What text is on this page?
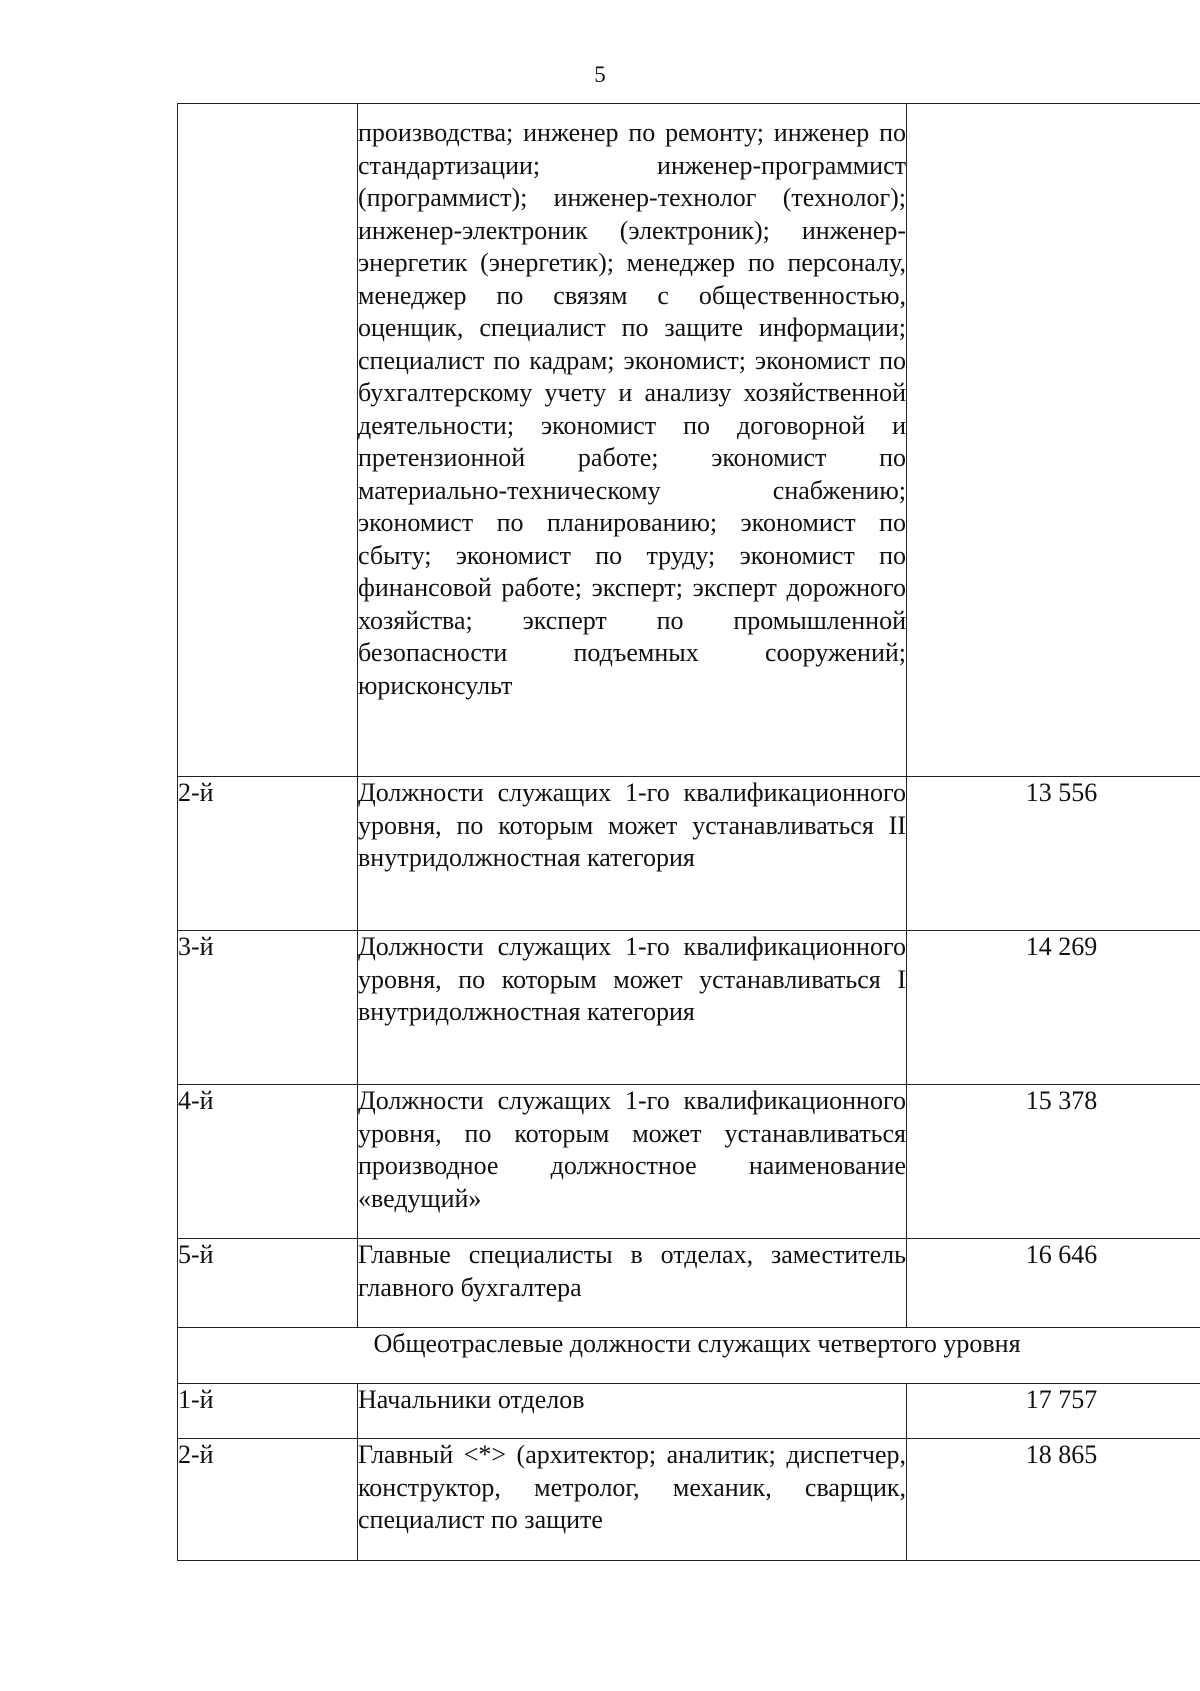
5
	производства; инженер по ремонту; инженер по стандартизации; инженер-программист (программист); инженер-технолог (технолог); инженер-электроник (электроник); инженер-энергетик (энергетик); менеджер по персоналу, менеджер по связям с общественностью, оценщик, специалист по защите информации; специалист по кадрам; экономист; экономист по бухгалтерскому учету и анализу хозяйственной деятельности; экономист по договорной и претензионной работе; экономист по материально-техническому снабжению; экономист по планированию; экономист по сбыту; экономист по труду; экономист по финансовой работе; эксперт; эксперт дорожного хозяйства; эксперт по промышленной безопасности подъемных сооружений; юрисконсульт	
2-й	Должности служащих 1-го квалификационного уровня, по которым может устанавливаться II внутридолжностная категория	13 556
3-й	Должности служащих 1-го квалификационного уровня, по которым может устанавливаться I внутридолжностная категория	14 269
4-й	Должности служащих 1-го квалификационного уровня, по которым может устанавливаться производное должностное наименование «ведущий»	15 378
5-й	Главные специалисты в отделах, заместитель главного бухгалтера	16 646
Общеотраслевые должности служащих четвертого уровня		
1-й	Начальники отделов	17 757
2-й	Главный <*> (архитектор; аналитик; диспетчер, конструктор, метролог, механик, сварщик, специалист по защите	18 865
